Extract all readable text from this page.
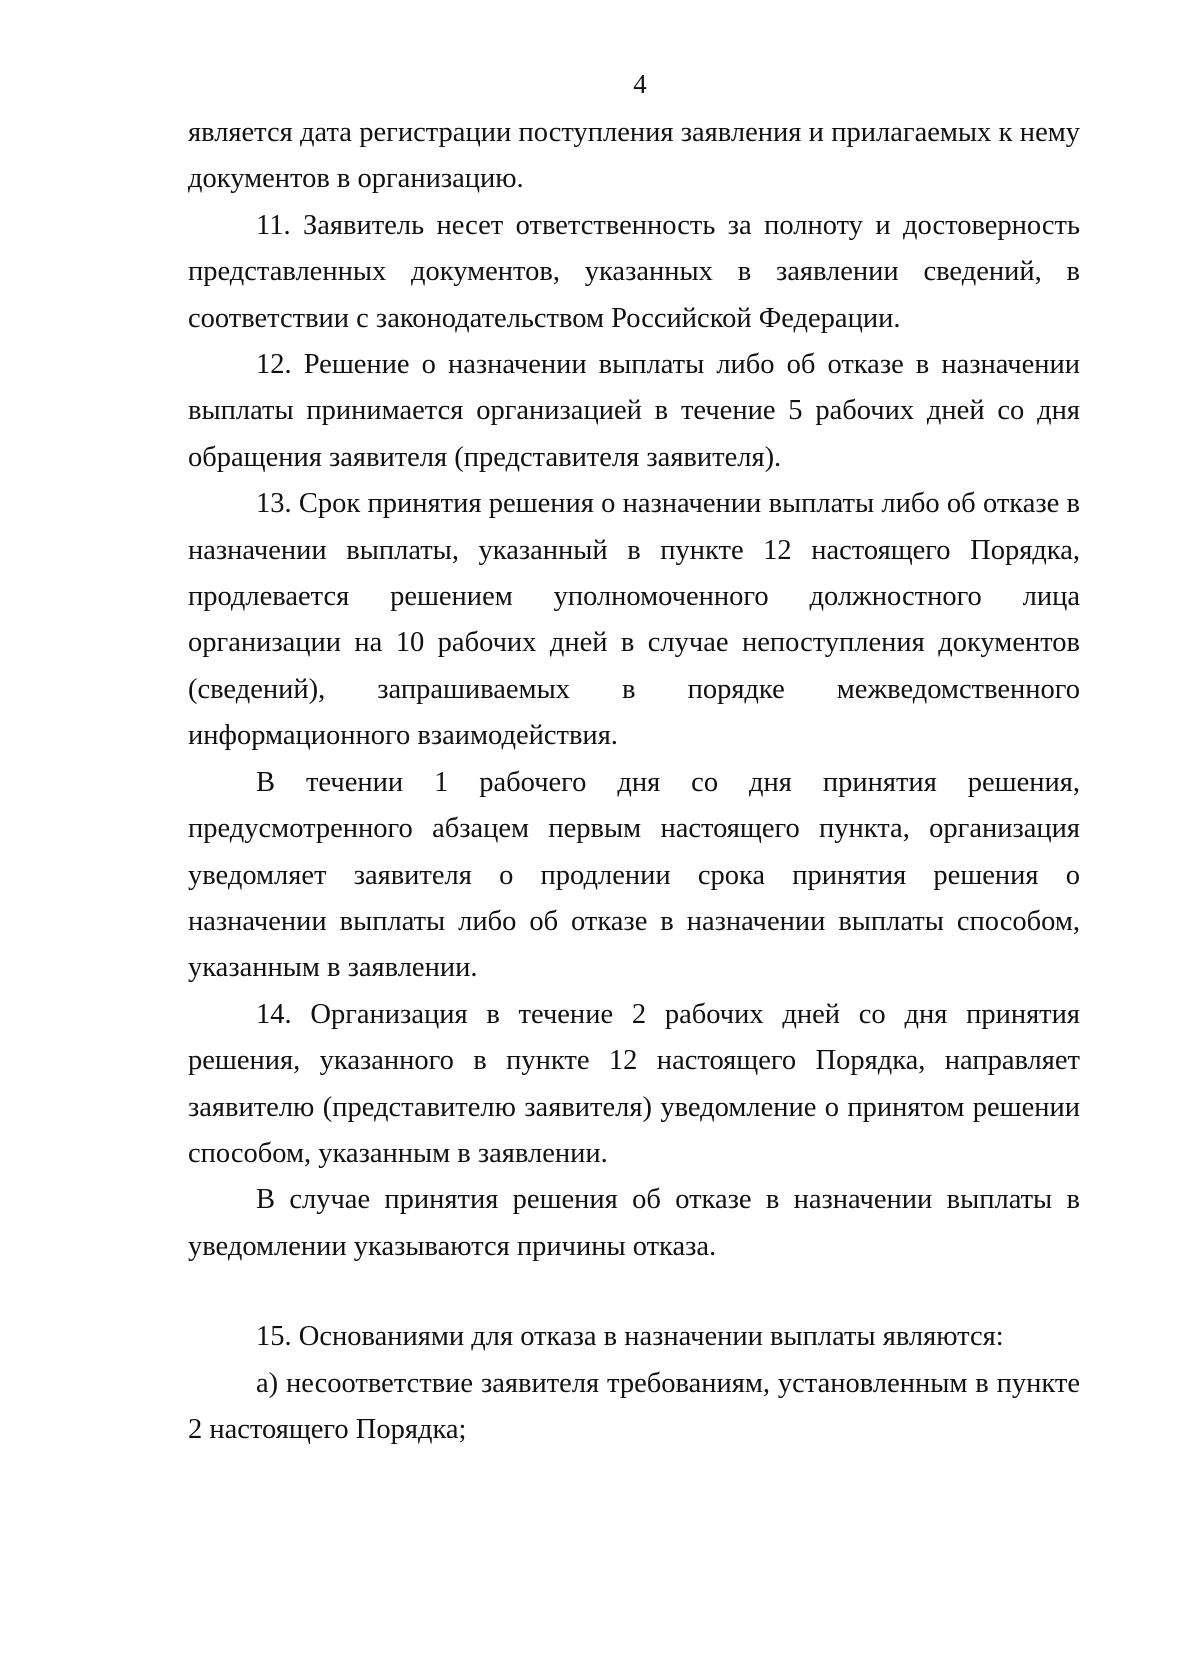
4

является дата регистрации поступления заявления и прилагаемых к нему документов в организацию.

11. Заявитель несет ответственность за полноту и достоверность представленных документов, указанных в заявлении сведений, в соответствии с законодательством Российской Федерации.

12. Решение о назначении выплаты либо об отказе в назначении выплаты принимается организацией в течение 5 рабочих дней со дня обращения заявителя (представителя заявителя).

13. Срок принятия решения о назначении выплаты либо об отказе в назначении выплаты, указанный в пункте 12 настоящего Порядка, продлевается решением уполномоченного должностного лица организации на 10 рабочих дней в случае непоступления документов (сведений), запрашиваемых в порядке межведомственного информационного взаимодействия.

В течении 1 рабочего дня со дня принятия решения, предусмотренного абзацем первым настоящего пункта, организация уведомляет заявителя о продлении срока принятия решения о назначении выплаты либо об отказе в назначении выплаты способом, указанным в заявлении.

14. Организация в течение 2 рабочих дней со дня принятия решения, указанного в пункте 12 настоящего Порядка, направляет заявителю (представителю заявителя) уведомление о принятом решении способом, указанным в заявлении.

В случае принятия решения об отказе в назначении выплаты в уведомлении указываются причины отказа.

15. Основаниями для отказа в назначении выплаты являются:

а) несоответствие заявителя требованиям, установленным в пункте 2 настоящего Порядка;
